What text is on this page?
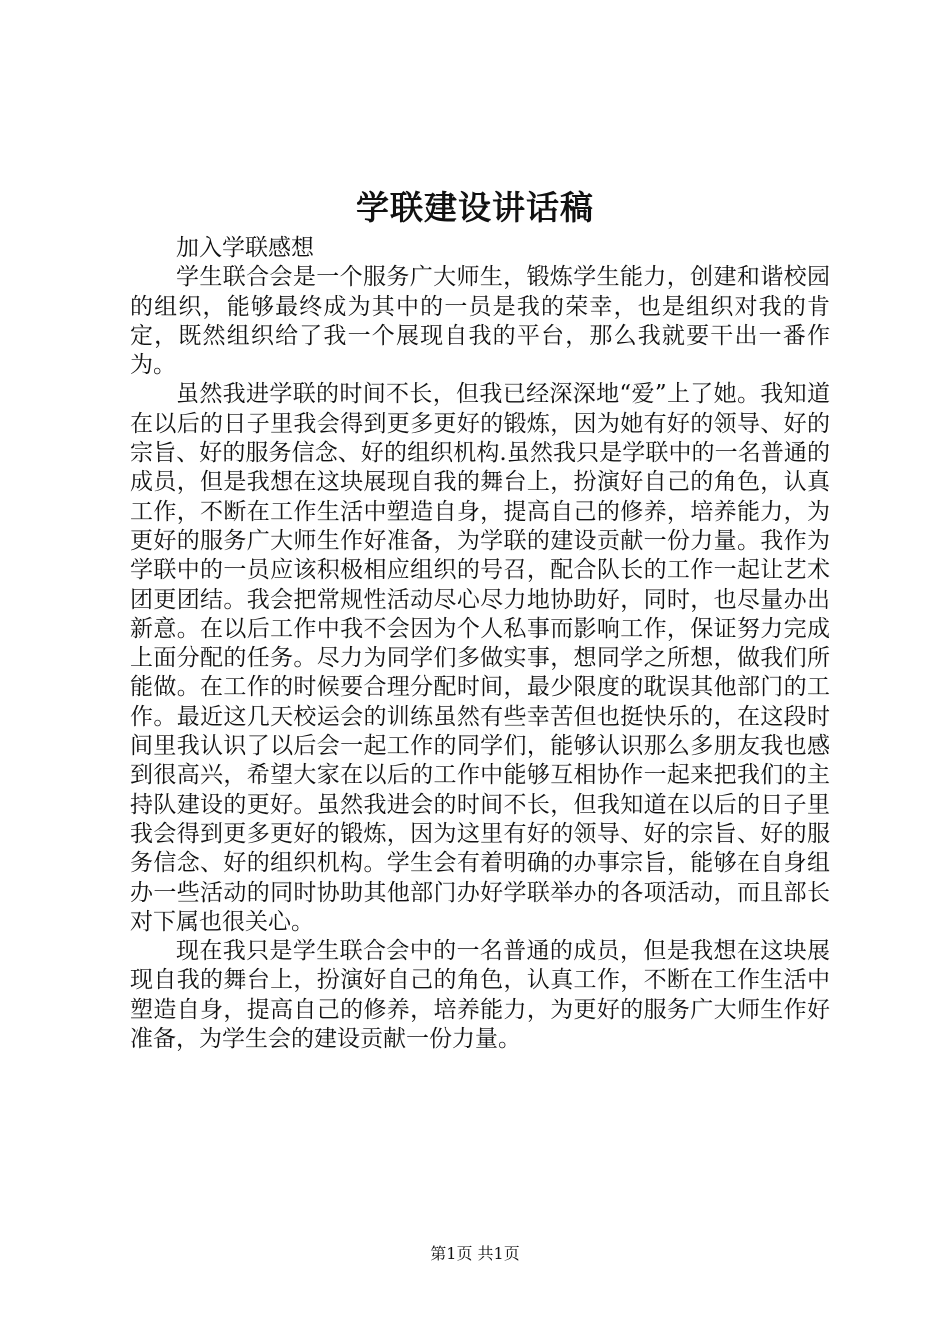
学联建设讲话稿

加入学联感想

学生联合会是一个服务广大师生，锻炼学生能力，创建和谐校园的组织，能够最终成为其中的一员是我的荣幸，也是组织对我的肯定，既然组织给了我一个展现自我的平台，那么我就要干出一番作为。

虽然我进学联的时间不长，但我已经深深地“爱”上了她。我知道在以后的日子里我会得到更多更好的锻炼，因为她有好的领导、好的宗旨、好的服务信念、好的组织机构.虽然我只是学联中的一名普通的成员，但是我想在这块展现自我的舞台上，扮演好自己的角色，认真工作，不断在工作生活中塑造自身，提高自己的修养，培养能力，为更好的服务广大师生作好准备，为学联的建设贡献一份力量。我作为学联中的一员应该积极相应组织的号召，配合队长的工作一起让艺术团更团结。我会把常规性活动尽心尽力地协助好，同时，也尽量办出新意。在以后工作中我不会因为个人私事而影响工作，保证努力完成上面分配的任务。尽力为同学们多做实事，想同学之所想，做我们所能做。在工作的时候要合理分配时间，最少限度的耽误其他部门的工作。最近这几天校运会的训练虽然有些幸苦但也挺快乐的，在这段时间里我认识了以后会一起工作的同学们，能够认识那么多朋友我也感到很高兴，希望大家在以后的工作中能够互相协作一起来把我们的主持队建设的更好。虽然我进会的时间不长，但我知道在以后的日子里我会得到更多更好的锻炼，因为这里有好的领导、好的宗旨、好的服务信念、好的组织机构。学生会有着明确的办事宗旨，能够在自身组办一些活动的同时协助其他部门办好学联举办的各项活动，而且部长对下属也很关心。

现在我只是学生联合会中的一名普通的成员，但是我想在这块展现自我的舞台上，扮演好自己的角色，认真工作，不断在工作生活中塑造自身，提高自己的修养，培养能力，为更好的服务广大师生作好准备，为学生会的建设贡献一份力量。

第1页 共1页
